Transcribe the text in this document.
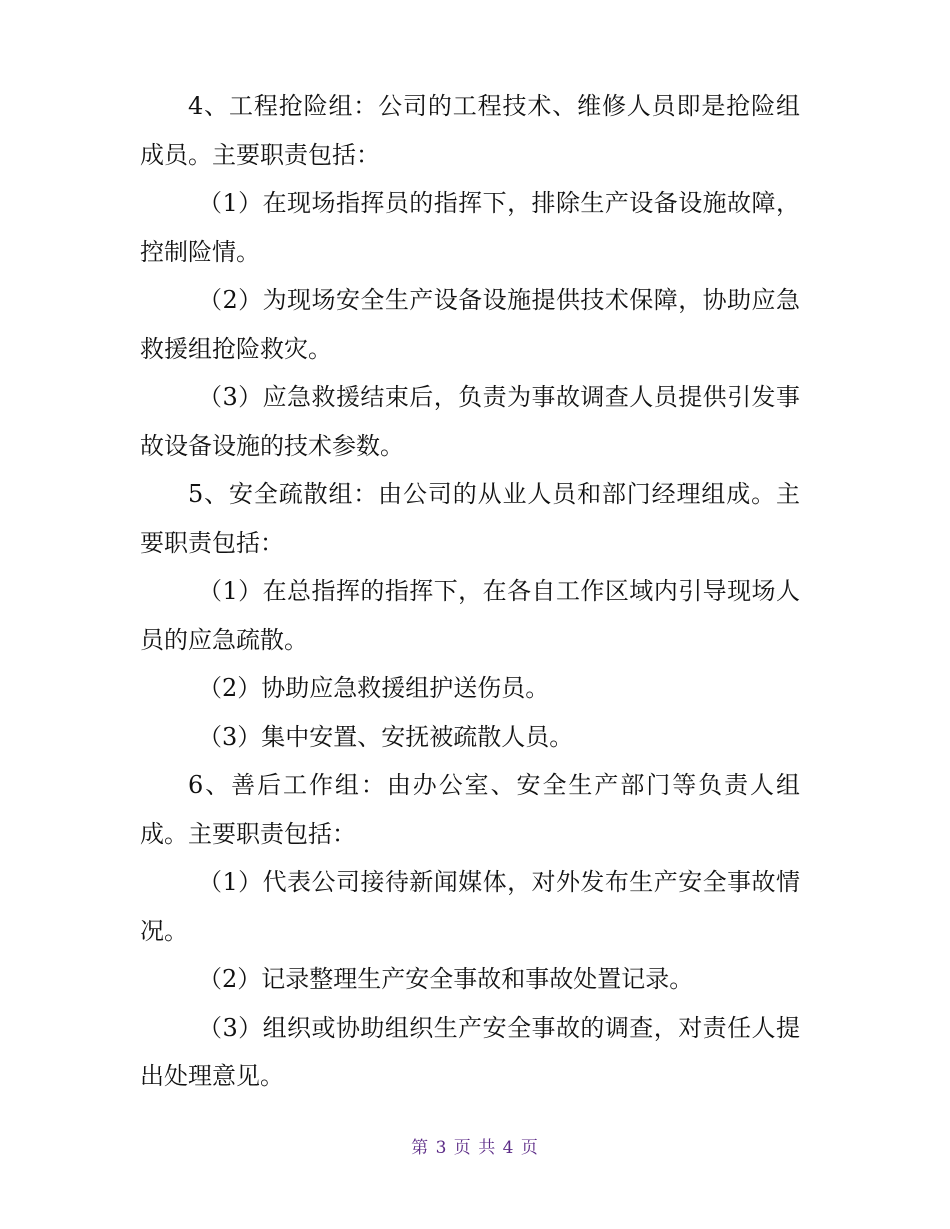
4、工程抢险组：公司的工程技术、维修人员即是抢险组成员。主要职责包括：

（1）在现场指挥员的指挥下，排除生产设备设施故障，控制险情。

（2）为现场安全生产设备设施提供技术保障，协助应急救援组抢险救灾。

（3）应急救援结束后，负责为事故调查人员提供引发事故设备设施的技术参数。

5、安全疏散组：由公司的从业人员和部门经理组成。主要职责包括：

（1）在总指挥的指挥下，在各自工作区域内引导现场人员的应急疏散。

（2）协助应急救援组护送伤员。

（3）集中安置、安抚被疏散人员。

6、善后工作组：由办公室、安全生产部门等负责人组成。主要职责包括：

（1）代表公司接待新闻媒体，对外发布生产安全事故情况。

（2）记录整理生产安全事故和事故处置记录。

（3）组织或协助组织生产安全事故的调查，对责任人提出处理意见。

第 3 页 共 4 页
